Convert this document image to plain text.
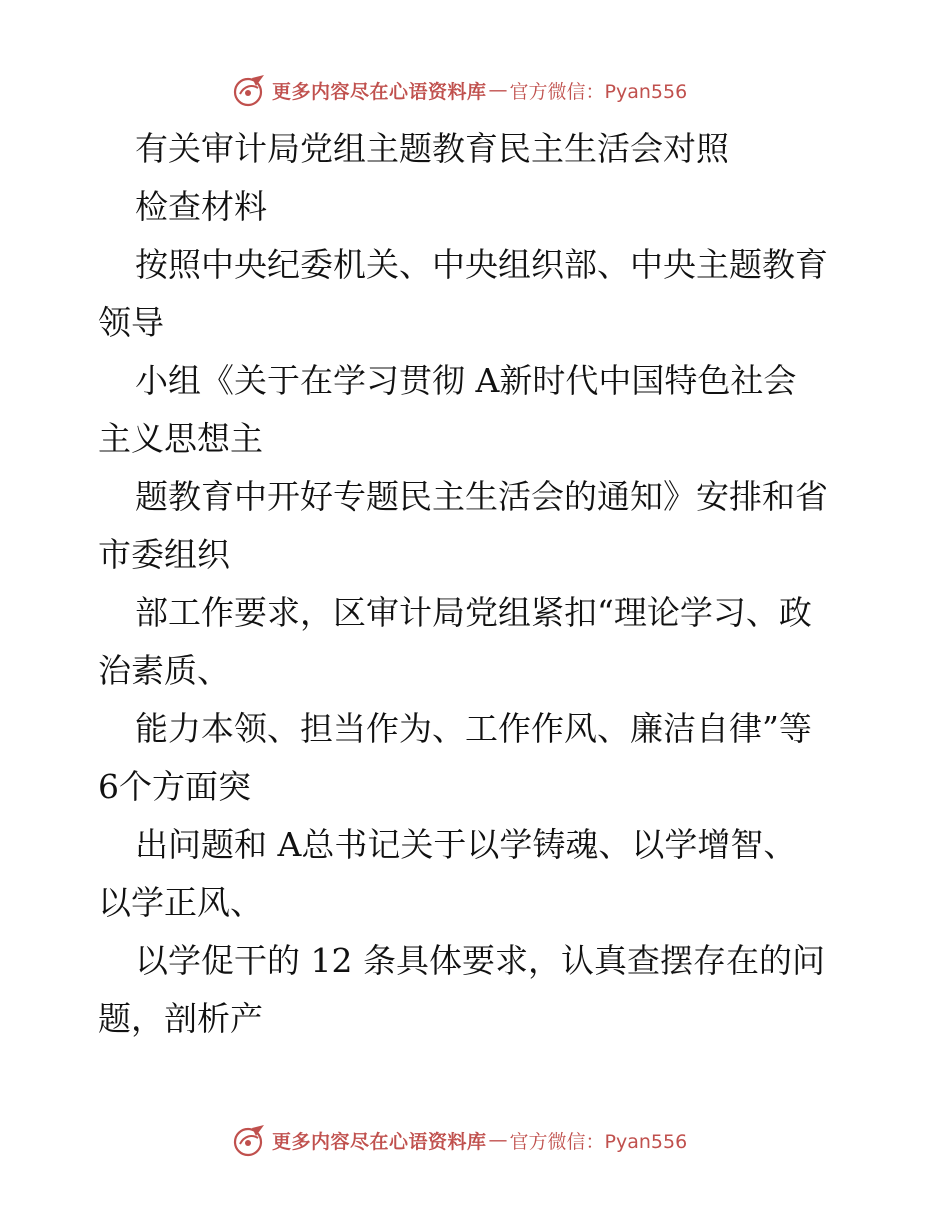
更多内容尽在心语资料库 — 官方微信：Pyan556
有关审计局党组主题教育民主生活会对照
检查材料
按照中央纪委机关、中央组织部、中央主题教育
领导
小组《关于在学习贯彻 A新时代中国特色社会
主义思想主
题教育中开好专题民主生活会的通知》安排和省
市委组织
部工作要求，区审计局党组紧扣“理论学习、政
治素质、
能力本领、担当作为、工作作风、廉洁自律”等
6个方面突
出问题和 A总书记关于以学铸魂、以学增智、
以学正风、
以学促干的 12 条具体要求，认真查摆存在的问
题，剖析产
更多内容尽在心语资料库 — 官方微信：Pyan556
